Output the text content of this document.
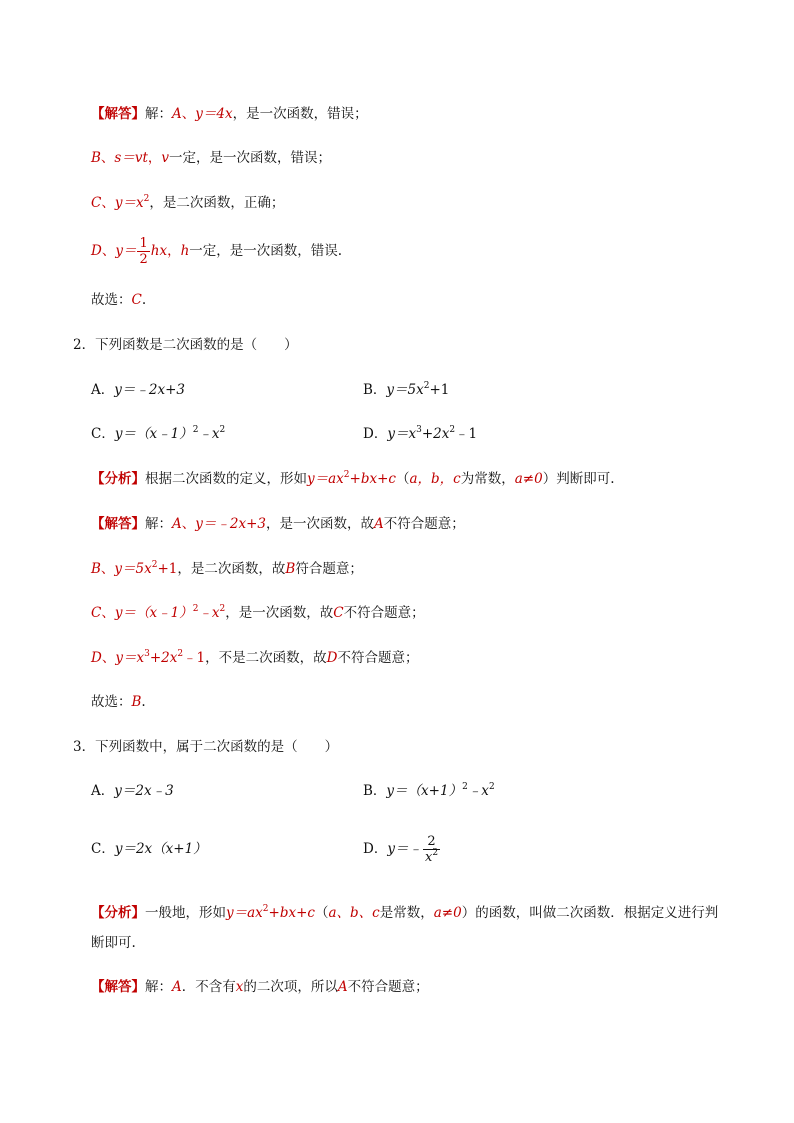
【解答】解：A、y＝4x，是一次函数，错误；
B、s＝vt，v一定，是一次函数，错误；
C、$y=x^2$，是二次函数，正确；
D、$y= \frac{1}{2}$ hx，h一定，是一次函数，错误.
故选：C.
2．下列函数是二次函数的是（　　）
A．y＝﹣2x+3	B．$y=5x^2+1$
C．$y=(x﹣1)^2﹣x^2$	D．$y=x^3+2x^2﹣1$
【分析】根据二次函数的定义，形如$y=ax^2+bx+c(a$，b，c为常数，a≠0）判断即可.
【解答】解：A、y＝﹣2x+3，是一次函数，故A不符合题意；
B、$y=5x^2+1$，是二次函数，故B符合题意；
C、$y=(x﹣1)^2﹣x^2$，是一次函数，故C不符合题意；
D、$y=x^3+2x^2﹣1$，不是二次函数，故D不符合题意；
故选：B.
3．下列函数中，属于二次函数的是（　　）
A．y＝2x﹣3	B．$y=(x+1)^2﹣x^2$
C．y＝2x（x+1）	D．y＝﹣ $\frac{2}{x^2}$
【分析】一般地，形如$y=ax^2+bx+c(a$、b、c是常数，a≠0）的函数，叫做二次函数．根据定义进行判
断即可.
【解答】解：A．不含有x的二次项，所以A不符合题意；
